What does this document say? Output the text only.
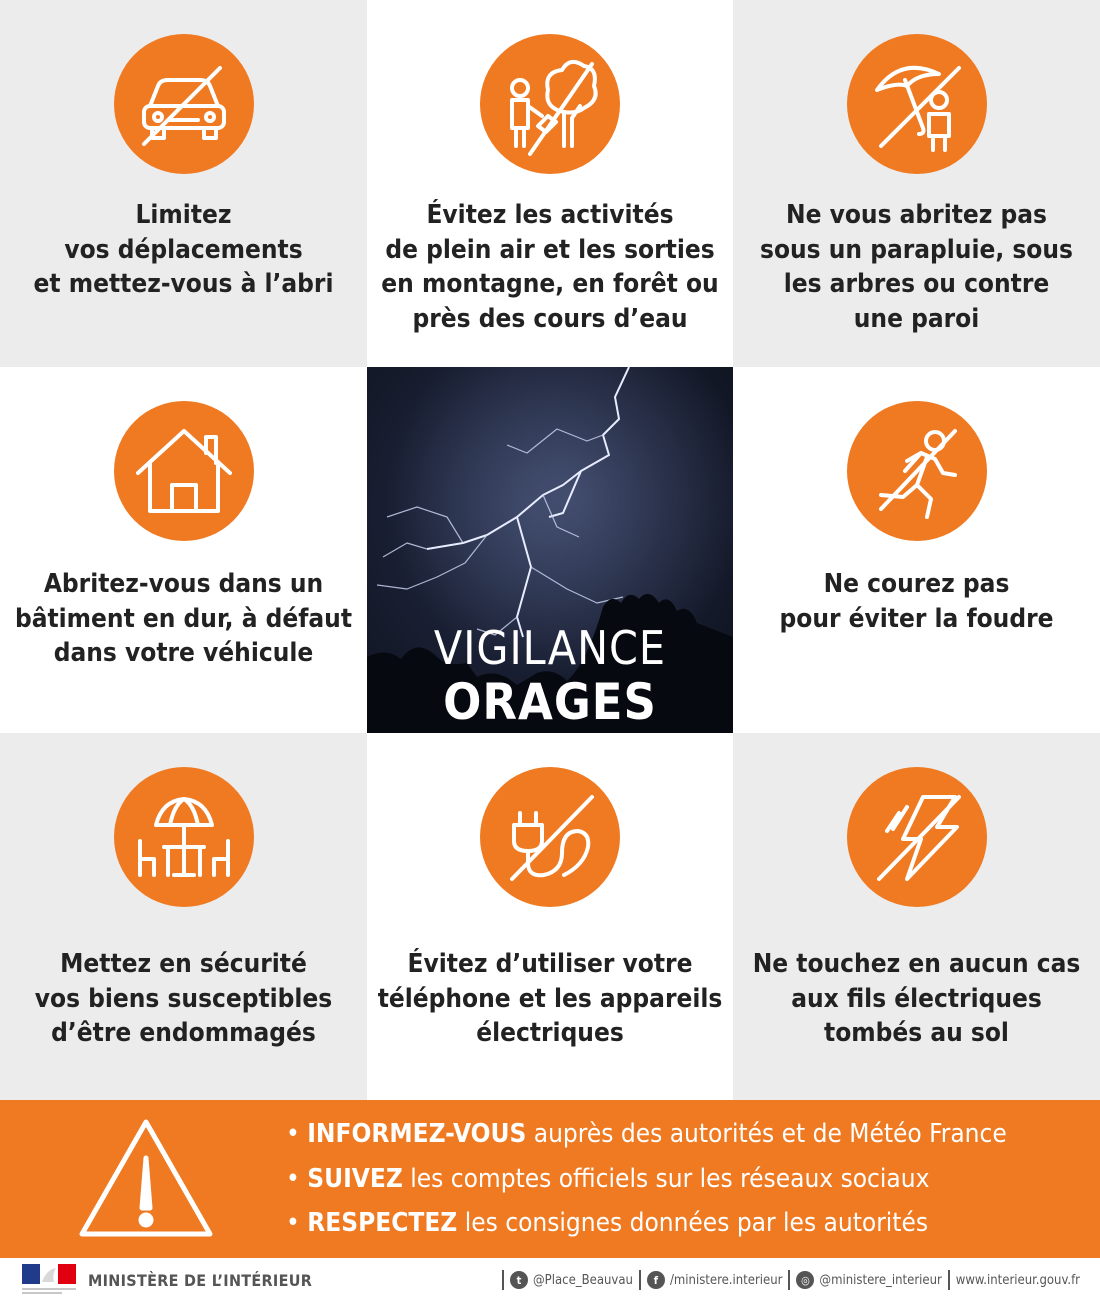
Limitez
vos déplacements
et mettez-vous à l’abri
Évitez les activités
de plein air et les sorties
en montagne, en forêt ou
près des cours d’eau
Ne vous abritez pas
sous un parapluie, sous
les arbres ou contre
une paroi
Abritez-vous dans un
bâtiment en dur, à défaut
dans votre véhicule	VIGILANCE
ORAGES
Ne courez pas
pour éviter la foudre
Mettez en sécurité
vos biens susceptibles
d’être endommagés
Évitez d’utiliser votre
téléphone et les appareils
électriques
Ne touchez en aucun cas
aux fils électriques
tombés au sol
• INFORMEZ-VOUS auprès des autorités et de Météo France
• SUIVEZ les comptes officiels sur les réseaux sociaux
• RESPECTEZ les consignes données par les autorités
MINISTÈRE DE L’INTÉRIEUR	t @Place_Beauvau	f /ministere.interieur	◎ @ministere_interieur www.interieur.gouv.fr
